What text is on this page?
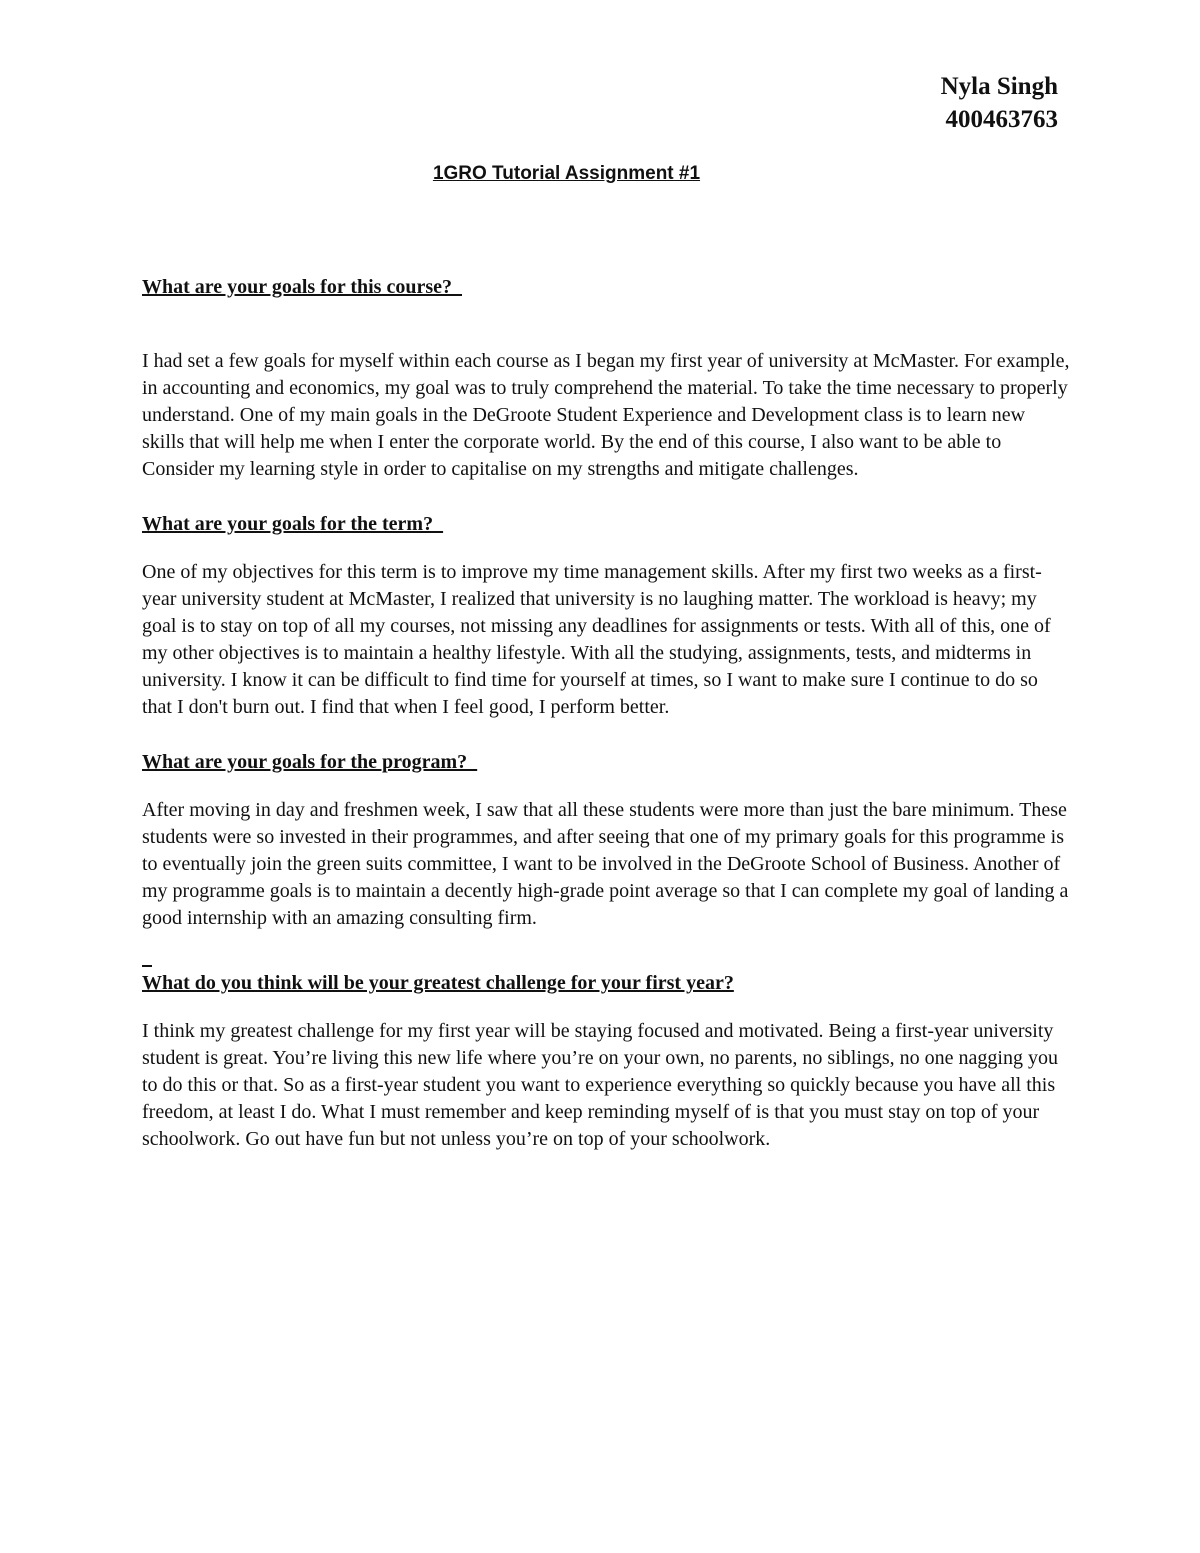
Nyla Singh
400463763
1GRO Tutorial Assignment #1

What are your goals for this course?

I had set a few goals for myself within each course as I began my first year of university at McMaster. For example, in accounting and economics, my goal was to truly comprehend the material. To take the time necessary to properly understand. One of my main goals in the DeGroote Student Experience and Development class is to learn new skills that will help me when I enter the corporate world. By the end of this course, I also want to be able to Consider my learning style in order to capitalise on my strengths and mitigate challenges.

What are your goals for the term?

One of my objectives for this term is to improve my time management skills. After my first two weeks as a first-year university student at McMaster, I realized that university is no laughing matter. The workload is heavy; my goal is to stay on top of all my courses, not missing any deadlines for assignments or tests. With all of this, one of my other objectives is to maintain a healthy lifestyle. With all the studying, assignments, tests, and midterms in university. I know it can be difficult to find time for yourself at times, so I want to make sure I continue to do so that I don't burn out. I find that when I feel good, I perform better.

What are your goals for the program?

After moving in day and freshmen week, I saw that all these students were more than just the bare minimum. These students were so invested in their programmes, and after seeing that one of my primary goals for this programme is to eventually join the green suits committee, I want to be involved in the DeGroote School of Business. Another of my programme goals is to maintain a decently high-grade point average so that I can complete my goal of landing a good internship with an amazing consulting firm.

What do you think will be your greatest challenge for your first year?

I think my greatest challenge for my first year will be staying focused and motivated. Being a first-year university student is great. You’re living this new life where you’re on your own, no parents, no siblings, no one nagging you to do this or that. So as a first-year student you want to experience everything so quickly because you have all this freedom, at least I do. What I must remember and keep reminding myself of is that you must stay on top of your schoolwork. Go out have fun but not unless you’re on top of your schoolwork.
